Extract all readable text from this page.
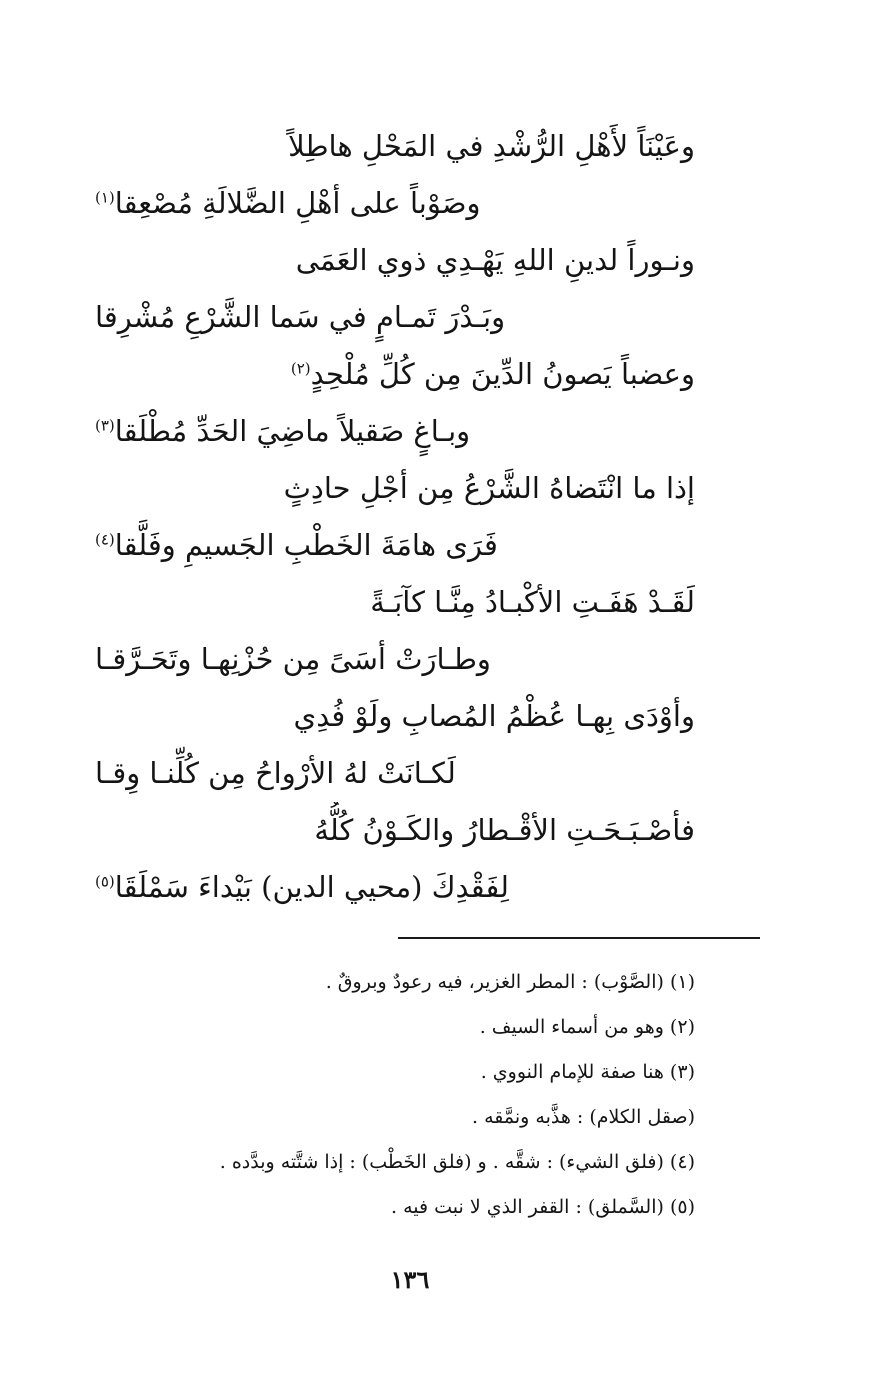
وعَيْنَاً لأَهْلِ الرُّشْدِ في المَحْلِ هاطِلاً
وصَوْباً على أهْلِ الضَّلالَةِ مُصْعِقا$^{(١)}$
ونـوراً لدينِ اللهِ يَهْـدِي ذوي العَمَى
وبَـدْرَ تَمـامٍ في سَما الشَّرْعِ مُشْرِقا
وعضباً يَصونُ الدِّينَ مِن كُلِّ مُلْحِدٍ$^{(٢)}$
وبـاغٍ صَقيلاً ماضِيَ الحَدِّ مُطْلَقا$^{(٣)}$
إذا ما انْتَضاهُ الشَّرْعُ مِن أجْلِ حادِثٍ
فَرَى هامَةَ الخَطْبِ الجَسيمِ وفَلَّقا$^{(٤)}$
لَقَـدْ هَفَـتِ الأكْبـادُ مِنَّـا كآبَـةً
وطـارَتْ أسَىً مِن حُزْنِهـا وتَحَـرَّقـا
وأوْدَى بِهـا عُظْمُ المُصابِ ولَوْ فُدِي
لَكـانَتْ لهُ الأرْواحُ مِن كُلِّنـا وِقـا
فأصْـبَـحَـتِ الأقْـطارُ والكَـوْنُ كُلُّهُ
لِفَقْدِكَ (محيي الدين) بَيْداءَ سَمْلَقَا$^{(٥)}$
(١) (الصَّوْب) : المطر الغزير، فيه رعودٌ وبروقٌ .
(٢) وهو من أسماء السيف .
(٣) هنا صفة للإمام النووي .
(صقل الكلام) : هذَّبه ونمَّقه .
(٤) (فلق الشيء) : شقَّه . و (فلق الخَطْب) : إذا شتَّته وبدَّده .
(٥) (السَّملق) : القفر الذي لا نبت فيه .
١٣٦
